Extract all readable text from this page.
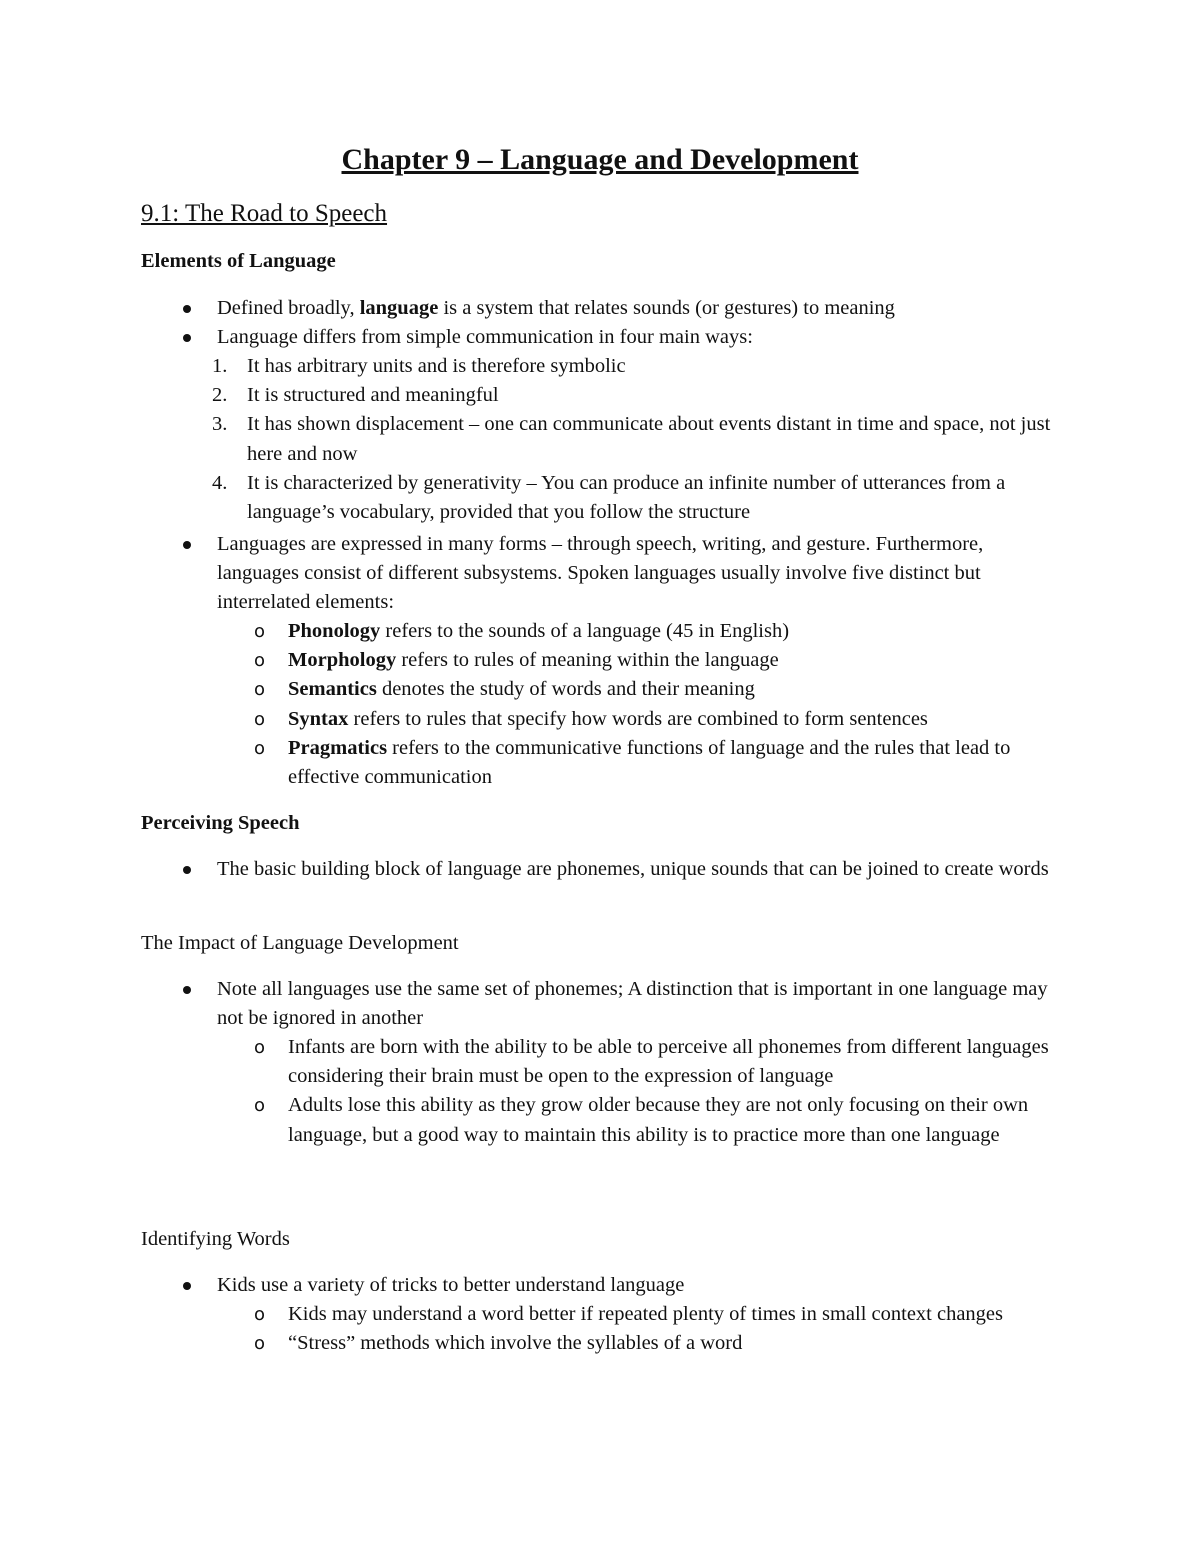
Chapter 9 – Language and Development
9.1: The Road to Speech
Elements of Language
Defined broadly, language is a system that relates sounds (or gestures) to meaning
Language differs from simple communication in four main ways:
1. It has arbitrary units and is therefore symbolic
2. It is structured and meaningful
3. It has shown displacement – one can communicate about events distant in time and space, not just here and now
4. It is characterized by generativity – You can produce an infinite number of utterances from a language’s vocabulary, provided that you follow the structure
Languages are expressed in many forms – through speech, writing, and gesture. Furthermore, languages consist of different subsystems. Spoken languages usually involve five distinct but interrelated elements:
o Phonology refers to the sounds of a language (45 in English)
o Morphology refers to rules of meaning within the language
o Semantics denotes the study of words and their meaning
o Syntax refers to rules that specify how words are combined to form sentences
o Pragmatics refers to the communicative functions of language and the rules that lead to effective communication
Perceiving Speech
The basic building block of language are phonemes, unique sounds that can be joined to create words
The Impact of Language Development
Note all languages use the same set of phonemes; A distinction that is important in one language may not be ignored in another
o Infants are born with the ability to be able to perceive all phonemes from different languages considering their brain must be open to the expression of language
o Adults lose this ability as they grow older because they are not only focusing on their own language, but a good way to maintain this ability is to practice more than one language
Identifying Words
Kids use a variety of tricks to better understand language
o Kids may understand a word better if repeated plenty of times in small context changes
o “Stress” methods which involve the syllables of a word
